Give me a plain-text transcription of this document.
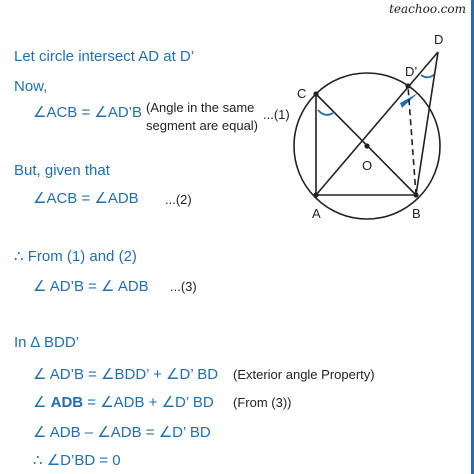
teachoo.com
Let circle intersect AD at D’
Now,
∠ACB = ∠AD’B (Angle in the same
segment are equal)
...(1)
But, given that
∠ACB = ∠ADB ...(2)
∴ From (1) and (2)
∠ AD’B = ∠ ADB ...(3)
In ∆ BDD’
∠ AD’B = ∠BDD’ + ∠D’ BD (Exterior angle Property)
∠ ADB = ∠ADB + ∠D’ BD (From (3))
∠ ADB – ∠ADB = ∠D’ BD
∴ ∠D’BD = 0
A	B
C
D
D’
O
